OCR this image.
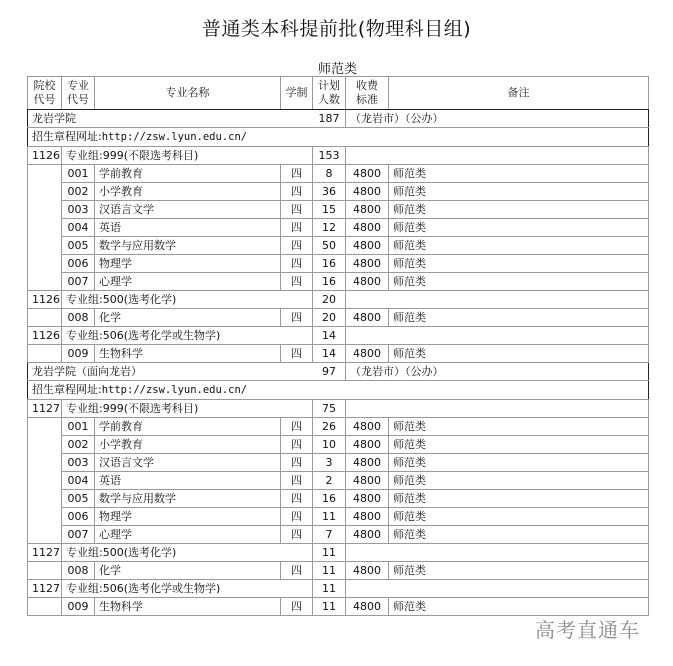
普通类本科提前批(物理科目组)
师范类
院校代号	专业代号	专业名称	学制	计划人数	收费标准	备注
龙岩学院				187	（龙岩市）（公办）	
招生章程网址:http://zsw.lyun.edu.cn/						
1126	专业组:999(不限选考科目)			153		
	001	学前教育	四	8	4800	师范类
	002	小学教育	四	36	4800	师范类
	003	汉语言文学	四	15	4800	师范类
	004	英语	四	12	4800	师范类
	005	数学与应用数学	四	50	4800	师范类
	006	物理学	四	16	4800	师范类
	007	心理学	四	16	4800	师范类
1126	专业组:500(选考化学)			20		
	008	化学	四	20	4800	师范类
1126	专业组:506(选考化学或生物学)			14		
	009	生物科学	四	14	4800	师范类
龙岩学院（面向龙岩）				97	（龙岩市）（公办）	
招生章程网址:http://zsw.lyun.edu.cn/						
1127	专业组:999(不限选考科目)			75		
	001	学前教育	四	26	4800	师范类
	002	小学教育	四	10	4800	师范类
	003	汉语言文学	四	3	4800	师范类
	004	英语	四	2	4800	师范类
	005	数学与应用数学	四	16	4800	师范类
	006	物理学	四	11	4800	师范类
	007	心理学	四	7	4800	师范类
1127	专业组:500(选考化学)			11		
	008	化学	四	11	4800	师范类
1127	专业组:506(选考化学或生物学)			11		
	009	生物科学	四	11	4800	师范类
高考直通车
